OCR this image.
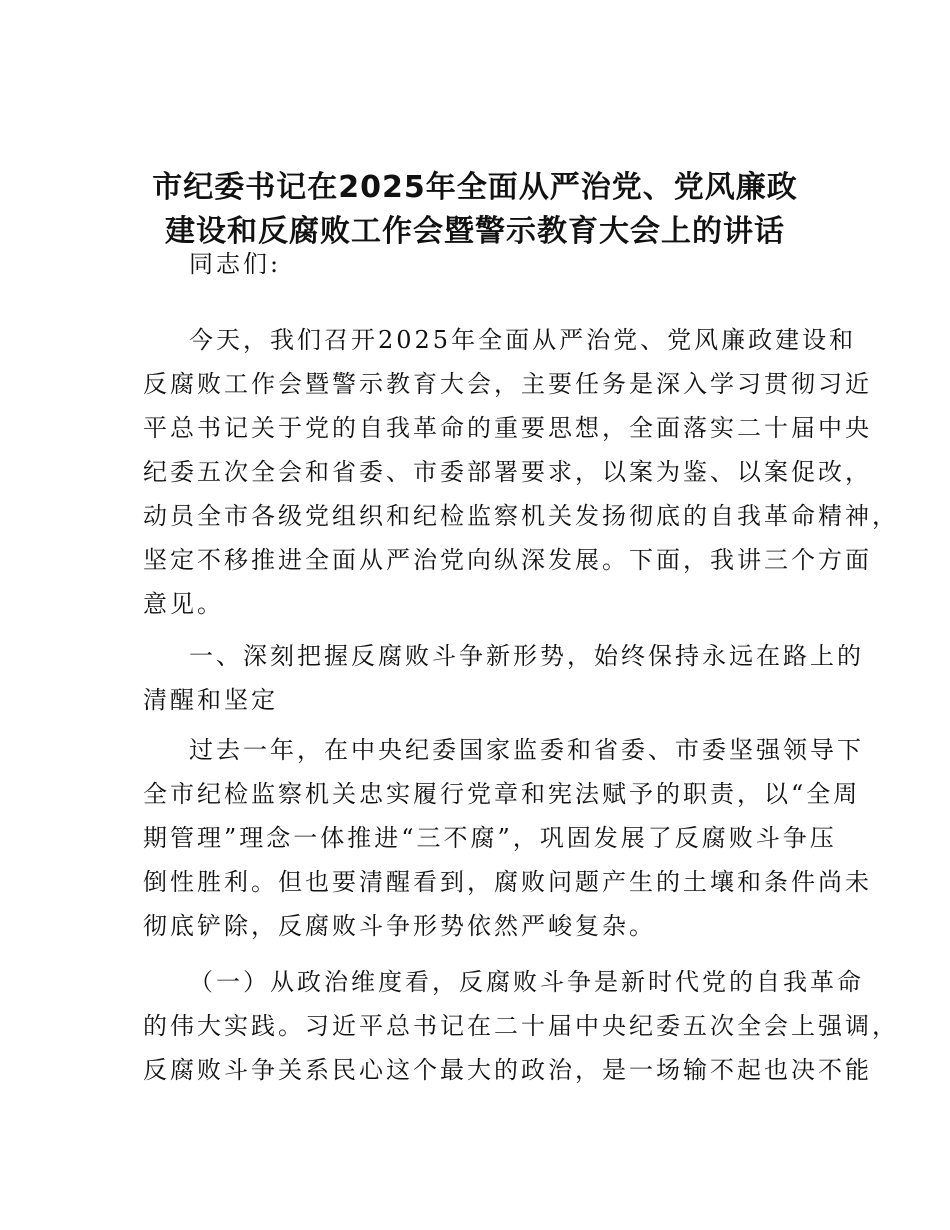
市纪委书记在2025年全面从严治党、党风廉政
建设和反腐败工作会暨警示教育大会上的讲话

同志们:

今天，我们召开2025年全面从严治党、党风廉政建设和

反腐败工作会暨警示教育大会，主要任务是深入学习贯彻习近

平总书记关于党的自我革命的重要思想，全面落实二十届中央

纪委五次全会和省委、市委部署要求，以案为鉴、以案促改，

动员全市各级党组织和纪检监察机关发扬彻底的自我革命精神，

坚定不移推进全面从严治党向纵深发展。下面，我讲三个方面

意见。

一、深刻把握反腐败斗争新形势，始终保持永远在路上的

清醒和坚定

过去一年，在中央纪委国家监委和省委、市委坚强领导下

全市纪检监察机关忠实履行党章和宪法赋予的职责，以“全周

期管理”理念一体推进“三不腐”，巩固发展了反腐败斗争压

倒性胜利。但也要清醒看到，腐败问题产生的土壤和条件尚未

彻底铲除，反腐败斗争形势依然严峻复杂。

（一）从政治维度看，反腐败斗争是新时代党的自我革命

的伟大实践。习近平总书记在二十届中央纪委五次全会上强调，

反腐败斗争关系民心这个最大的政治，是一场输不起也决不能
